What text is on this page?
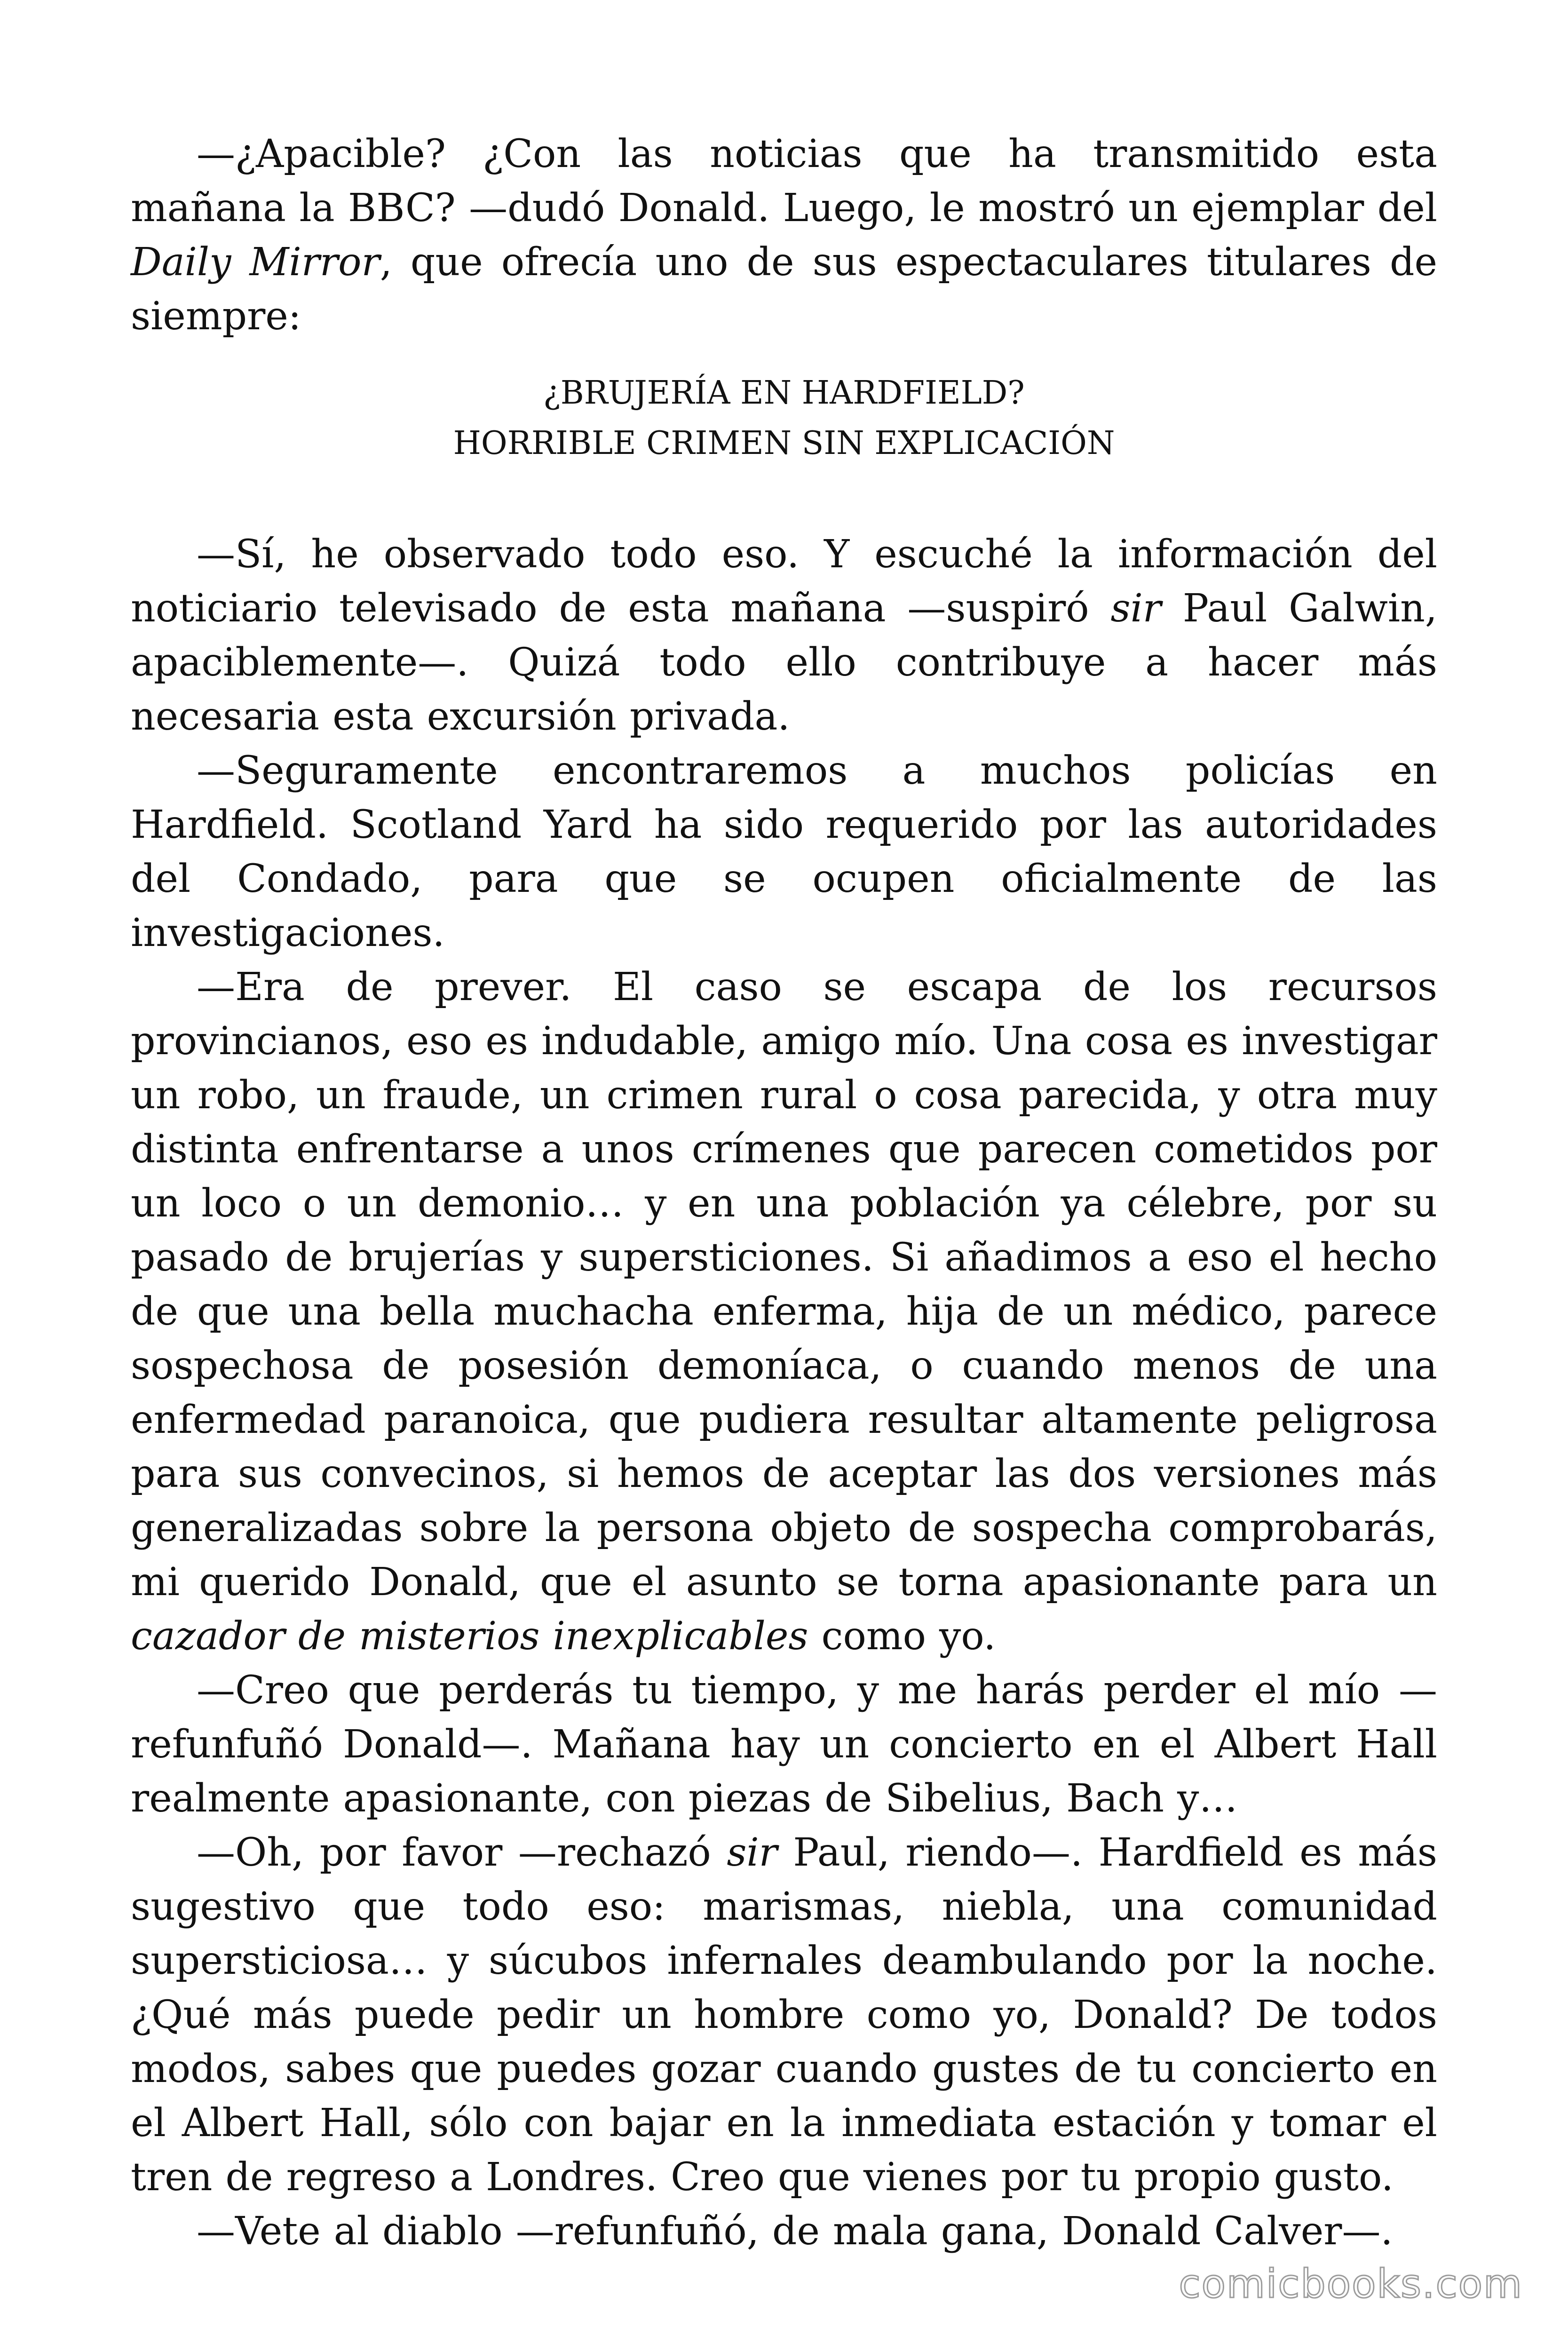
—¿Apacible? ¿Con las noticias que ha transmitido esta mañana la BBC? —dudó Donald. Luego, le mostró un ejemplar del Daily Mirror, que ofrecía uno de sus espectaculares titulares de siempre:

¿BRUJERÍA EN HARDFIELD?
HORRIBLE CRIMEN SIN EXPLICACIÓN

—Sí, he observado todo eso. Y escuché la información del noticiario televisado de esta mañana —suspiró sir Paul Galwin, apaciblemente—. Quizá todo ello contribuye a hacer más necesaria esta excursión privada.

—Seguramente encontraremos a muchos policías en Hardfield. Scotland Yard ha sido requerido por las autoridades del Condado, para que se ocupen oficialmente de las investigaciones.

—Era de prever. El caso se escapa de los recursos provincianos, eso es indudable, amigo mío. Una cosa es investigar un robo, un fraude, un crimen rural o cosa parecida, y otra muy distinta enfrentarse a unos crímenes que parecen cometidos por un loco o un demonio… y en una población ya célebre, por su pasado de brujerías y supersticiones. Si añadimos a eso el hecho de que una bella muchacha enferma, hija de un médico, parece sospechosa de posesión demoníaca, o cuando menos de una enfermedad paranoica, que pudiera resultar altamente peligrosa para sus convecinos, si hemos de aceptar las dos versiones más generalizadas sobre la persona objeto de sospecha comprobarás, mi querido Donald, que el asunto se torna apasionante para un cazador de misterios inexplicables como yo.

—Creo que perderás tu tiempo, y me harás perder el mío —refunfuñó Donald—. Mañana hay un concierto en el Albert Hall realmente apasionante, con piezas de Sibelius, Bach y…

—Oh, por favor —rechazó sir Paul, riendo—. Hardfield es más sugestivo que todo eso: marismas, niebla, una comunidad supersticiosa… y súcubos infernales deambulando por la noche. ¿Qué más puede pedir un hombre como yo, Donald? De todos modos, sabes que puedes gozar cuando gustes de tu concierto en el Albert Hall, sólo con bajar en la inmediata estación y tomar el tren de regreso a Londres. Creo que vienes por tu propio gusto.

—Vete al diablo —refunfuñó, de mala gana, Donald Calver—.

comicbooks.com
